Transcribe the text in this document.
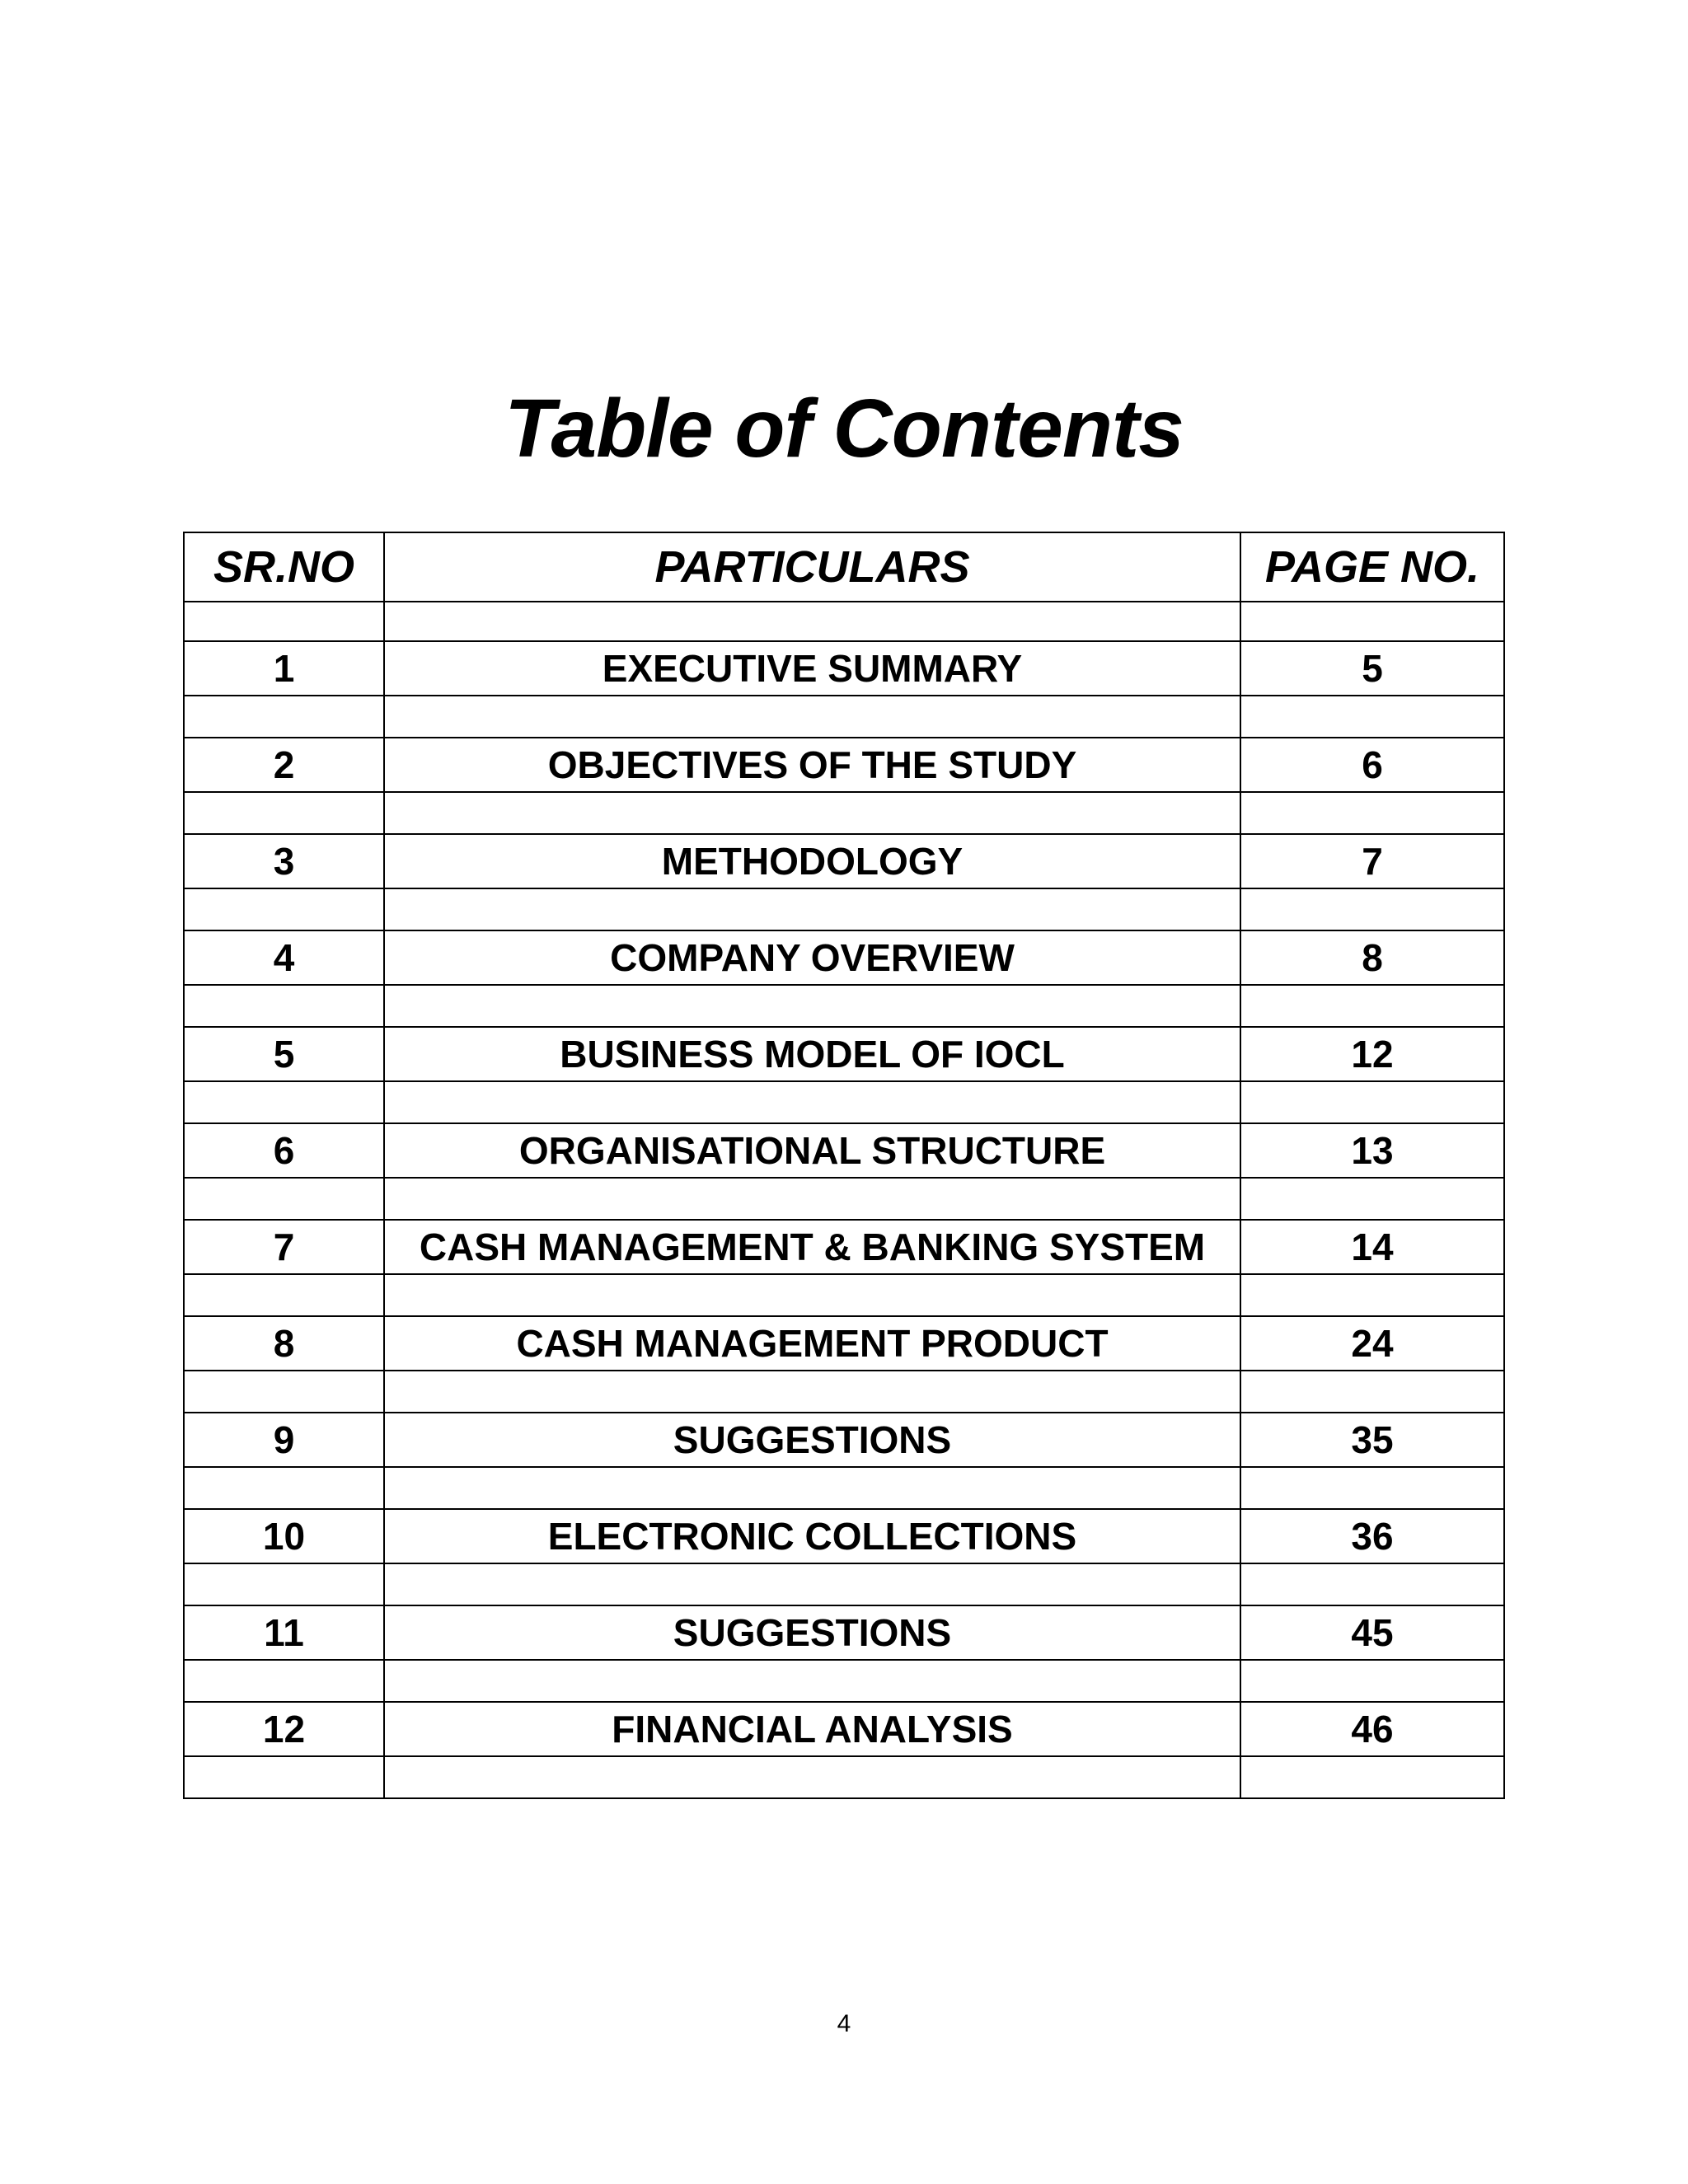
Table of Contents
SR.NO	PARTICULARS	PAGE NO.

1	EXECUTIVE SUMMARY	5

2	OBJECTIVES OF THE STUDY	6

3	METHODOLOGY	7

4	COMPANY OVERVIEW	8

5	BUSINESS MODEL OF IOCL	12

6	ORGANISATIONAL STRUCTURE	13

7	CASH MANAGEMENT & BANKING SYSTEM	14

8	CASH MANAGEMENT PRODUCT	24

9	SUGGESTIONS	35

10	ELECTRONIC COLLECTIONS	36

11	SUGGESTIONS	45

12	FINANCIAL ANALYSIS	46

4
